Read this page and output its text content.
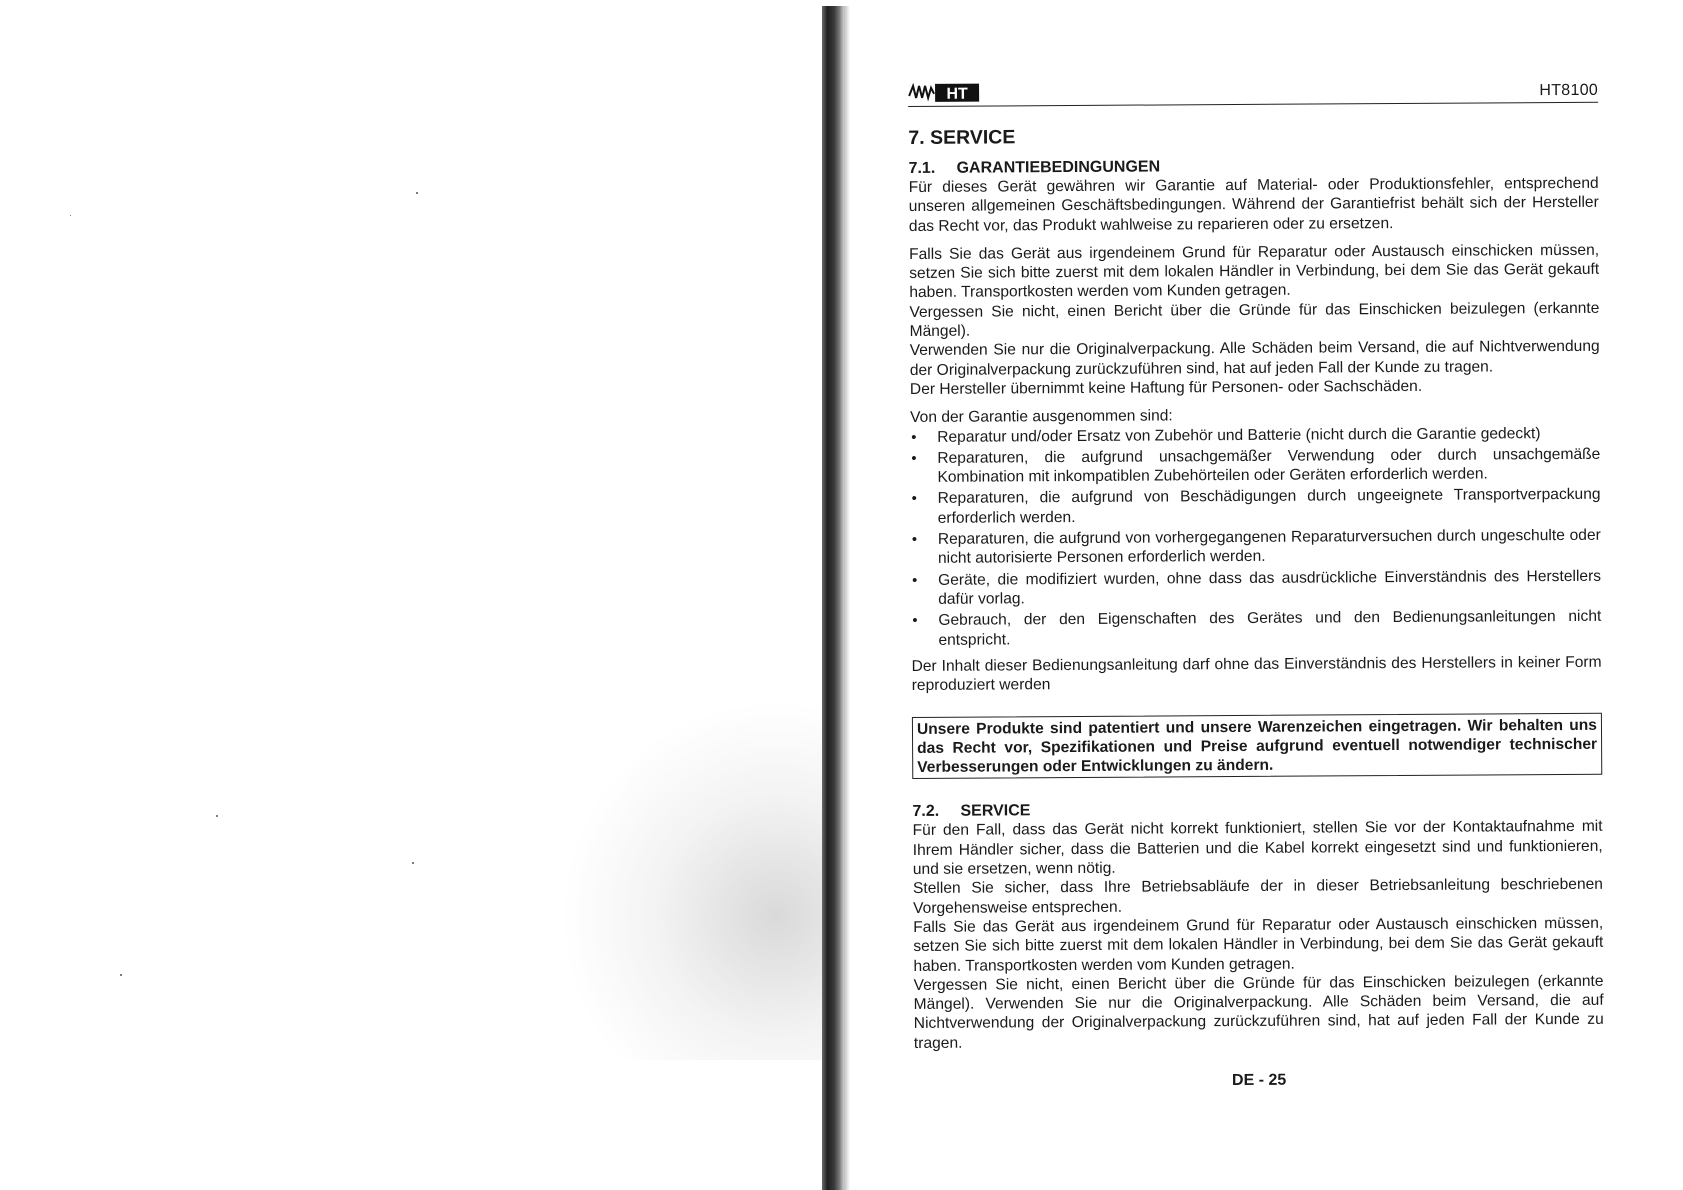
HT	HT8100
7. SERVICE
7.1. GARANTIEBEDINGUNGEN

Für dieses Gerät gewähren wir Garantie auf Material- oder Produktionsfehler, entsprechend unseren allgemeinen Geschäftsbedingungen. Während der Garantiefrist behält sich der Hersteller das Recht vor, das Produkt wahlweise zu reparieren oder zu ersetzen.

Falls Sie das Gerät aus irgendeinem Grund für Reparatur oder Austausch einschicken müssen, setzen Sie sich bitte zuerst mit dem lokalen Händler in Verbindung, bei dem Sie das Gerät gekauft haben. Transportkosten werden vom Kunden getragen.

Vergessen Sie nicht, einen Bericht über die Gründe für das Einschicken beizulegen (erkannte Mängel).

Verwenden Sie nur die Originalverpackung. Alle Schäden beim Versand, die auf Nichtverwendung der Originalverpackung zurückzuführen sind, hat auf jeden Fall der Kunde zu tragen.

Der Hersteller übernimmt keine Haftung für Personen- oder Sachschäden.

Von der Garantie ausgenommen sind:

• Reparatur und/oder Ersatz von Zubehör und Batterie (nicht durch die Garantie gedeckt)
• Reparaturen, die aufgrund unsachgemäßer Verwendung oder durch unsachgemäße Kombination mit inkompatiblen Zubehörteilen oder Geräten erforderlich werden.
• Reparaturen, die aufgrund von Beschädigungen durch ungeeignete Transportverpackung erforderlich werden.
• Reparaturen, die aufgrund von vorhergegangenen Reparaturversuchen durch ungeschulte oder nicht autorisierte Personen erforderlich werden.
• Geräte, die modifiziert wurden, ohne dass das ausdrückliche Einverständnis des Herstellers dafür vorlag.
• Gebrauch, der den Eigenschaften des Gerätes und den Bedienungsanleitungen nicht entspricht.

Der Inhalt dieser Bedienungsanleitung darf ohne das Einverständnis des Herstellers in keiner Form reproduziert werden

Unsere Produkte sind patentiert und unsere Warenzeichen eingetragen. Wir behalten uns das Recht vor, Spezifikationen und Preise aufgrund eventuell notwendiger technischer Verbesserungen oder Entwicklungen zu ändern.
7.2. SERVICE

Für den Fall, dass das Gerät nicht korrekt funktioniert, stellen Sie vor der Kontaktaufnahme mit Ihrem Händler sicher, dass die Batterien und die Kabel korrekt eingesetzt sind und funktionieren, und sie ersetzen, wenn nötig.

Stellen Sie sicher, dass Ihre Betriebsabläufe der in dieser Betriebsanleitung beschriebenen Vorgehensweise entsprechen.

Falls Sie das Gerät aus irgendeinem Grund für Reparatur oder Austausch einschicken müssen, setzen Sie sich bitte zuerst mit dem lokalen Händler in Verbindung, bei dem Sie das Gerät gekauft haben. Transportkosten werden vom Kunden getragen.

Vergessen Sie nicht, einen Bericht über die Gründe für das Einschicken beizulegen (erkannte Mängel). Verwenden Sie nur die Originalverpackung. Alle Schäden beim Versand, die auf Nichtverwendung der Originalverpackung zurückzuführen sind, hat auf jeden Fall der Kunde zu tragen.

DE - 25
